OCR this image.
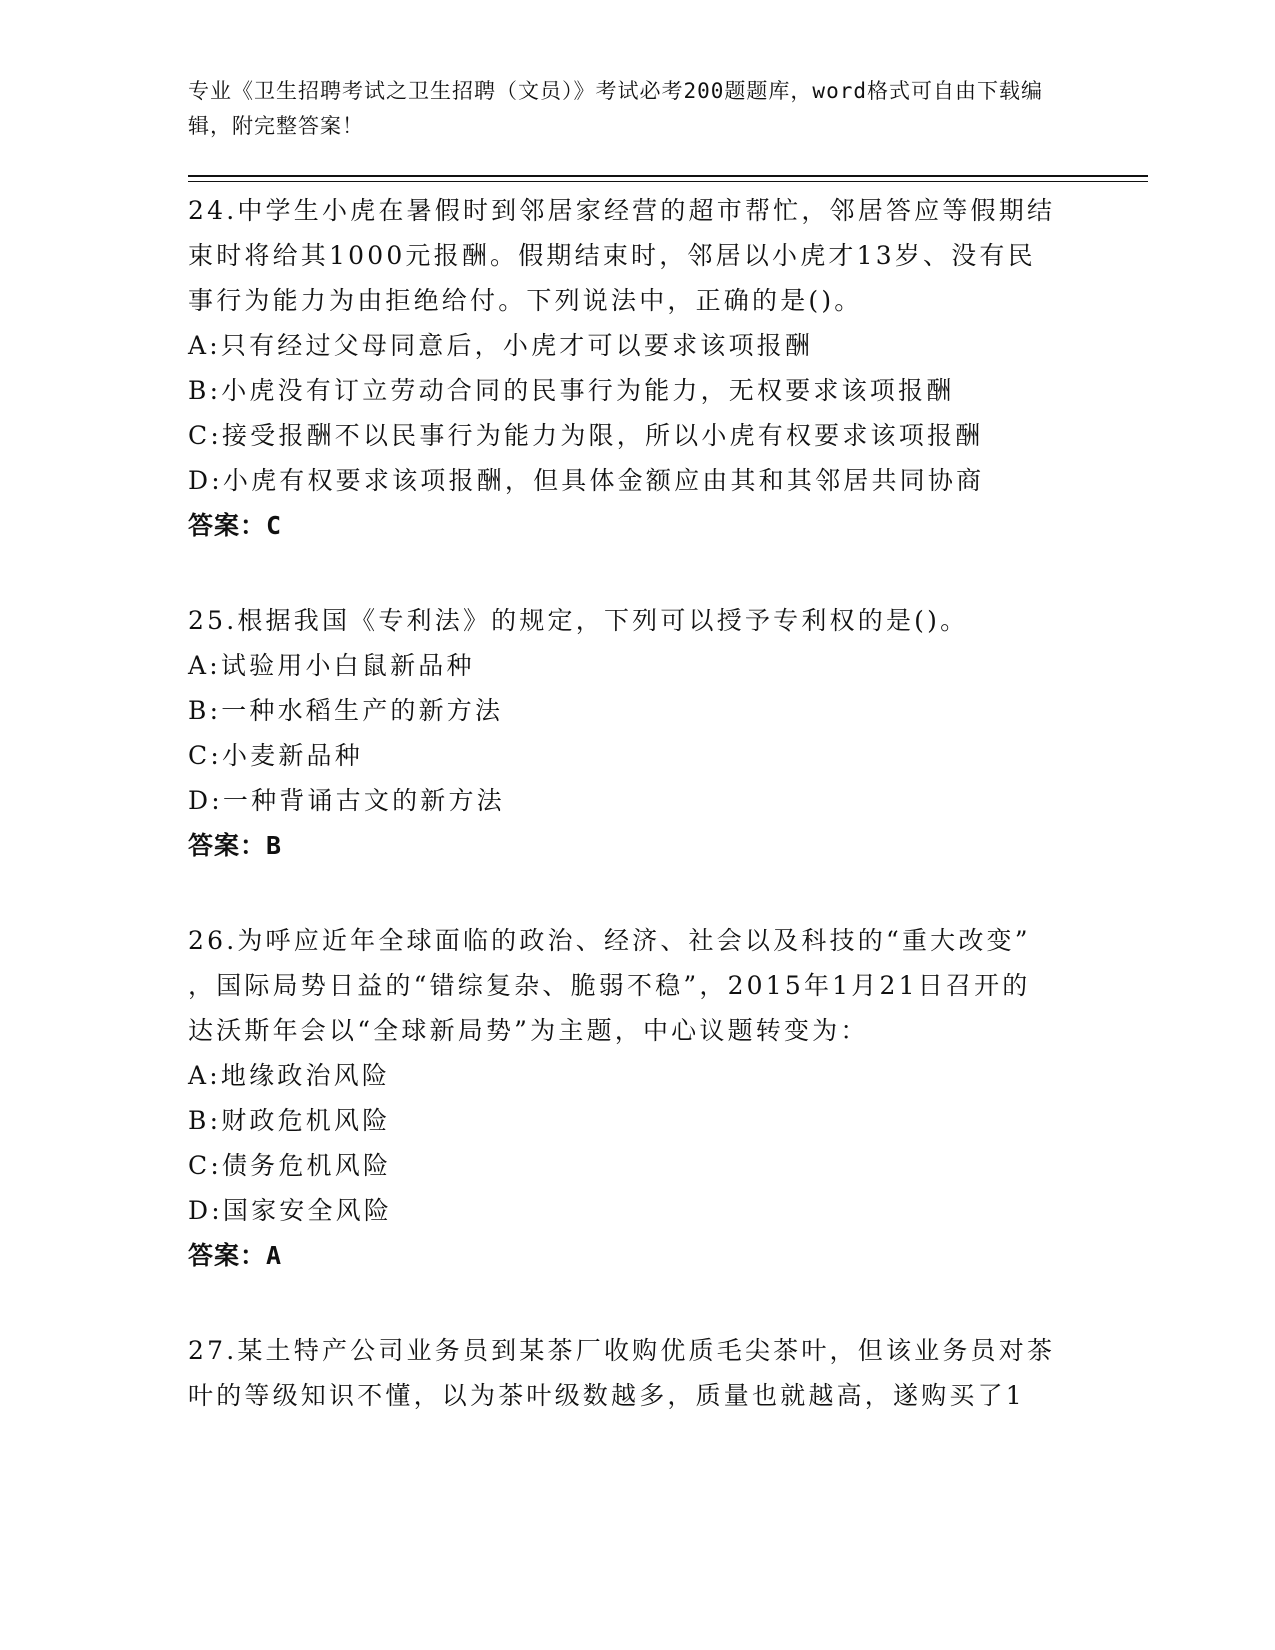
专业《卫生招聘考试之卫生招聘（文员）》考试必考200题题库，word格式可自由下载编辑，附完整答案！
24.中学生小虎在暑假时到邻居家经营的超市帮忙，邻居答应等假期结
束时将给其1000元报酬。假期结束时，邻居以小虎才13岁、没有民
事行为能力为由拒绝给付。下列说法中，正确的是()。
A:只有经过父母同意后，小虎才可以要求该项报酬
B:小虎没有订立劳动合同的民事行为能力，无权要求该项报酬
C:接受报酬不以民事行为能力为限，所以小虎有权要求该项报酬
D:小虎有权要求该项报酬，但具体金额应由其和其邻居共同协商
答案：C
25.根据我国《专利法》的规定，下列可以授予专利权的是()。
A:试验用小白鼠新品种
B:一种水稻生产的新方法
C:小麦新品种
D:一种背诵古文的新方法
答案：B
26.为呼应近年全球面临的政治、经济、社会以及科技的“重大改变”
，国际局势日益的“错综复杂、脆弱不稳”，2015年1月21日召开的
达沃斯年会以“全球新局势”为主题，中心议题转变为：
A:地缘政治风险
B:财政危机风险
C:债务危机风险
D:国家安全风险
答案：A
27.某土特产公司业务员到某茶厂收购优质毛尖茶叶，但该业务员对茶
叶的等级知识不懂，以为茶叶级数越多，质量也就越高，遂购买了1
